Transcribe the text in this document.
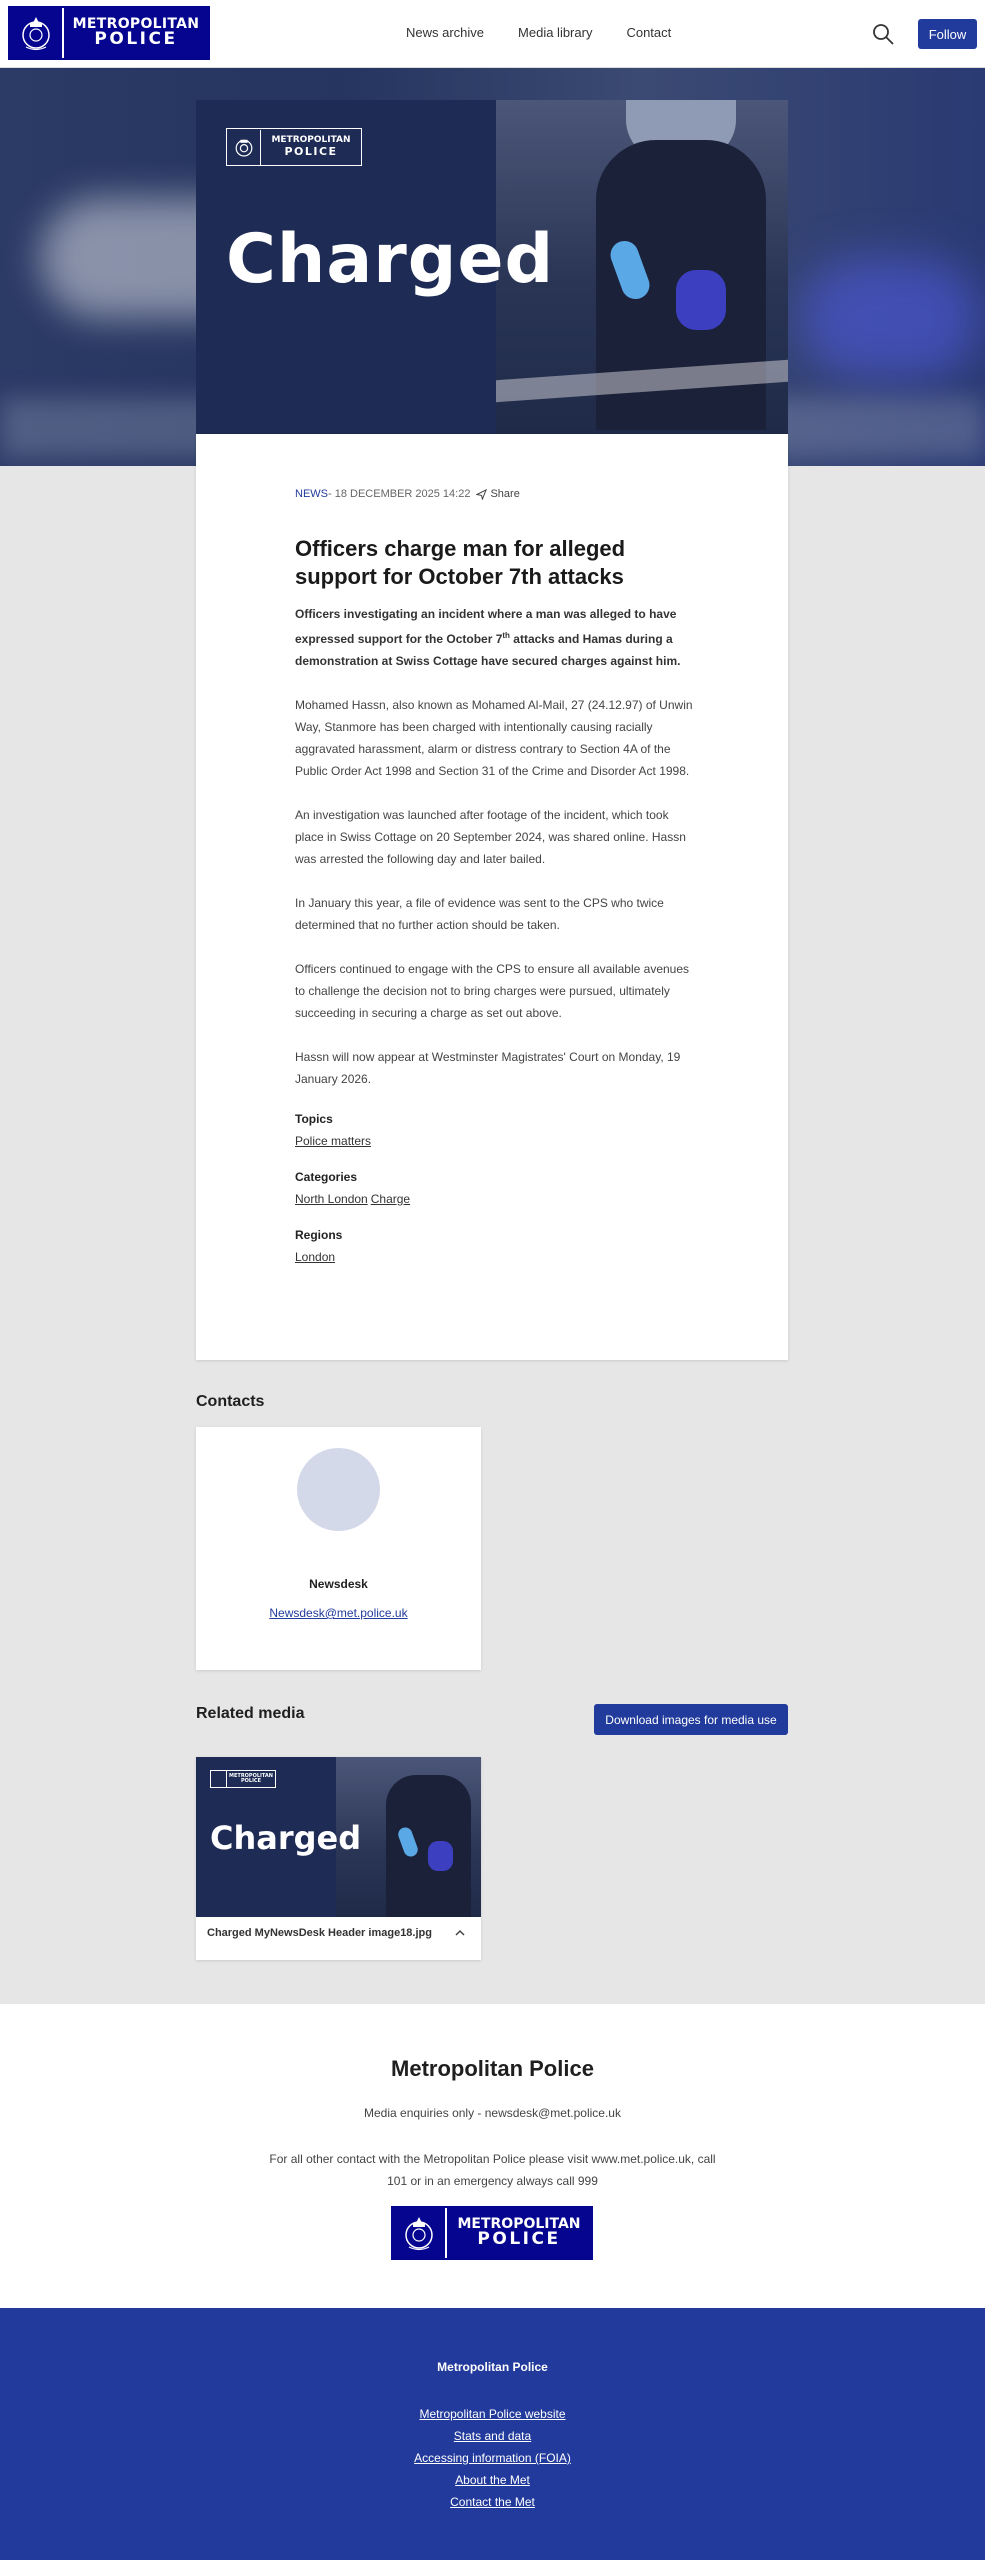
METROPOLITAN
POLICE	News archive	Media library	Contact	Follow
METROPOLITAN
POLICE
Charged
NEWS - 18 DECEMBER 2025 14:22 Share
Officers charge man for alleged support for October 7th attacks

Officers investigating an incident where a man was alleged to have expressed support for the October 7th attacks and Hamas during a demonstration at Swiss Cottage have secured charges against him.

Mohamed Hassn, also known as Mohamed Al-Mail, 27 (24.12.97) of Unwin Way, Stanmore has been charged with intentionally causing racially aggravated harassment, alarm or distress contrary to Section 4A of the Public Order Act 1998 and Section 31 of the Crime and Disorder Act 1998.

An investigation was launched after footage of the incident, which took place in Swiss Cottage on 20 September 2024, was shared online. Hassn was arrested the following day and later bailed.

In January this year, a file of evidence was sent to the CPS who twice determined that no further action should be taken.

Officers continued to engage with the CPS to ensure all available avenues to challenge the decision not to bring charges were pursued, ultimately succeeding in securing a charge as set out above.

Hassn will now appear at Westminster Magistrates' Court on Monday, 19 January 2026.

Topics
Police matters
Categories
North London Charge
Regions
London
Contacts
Newsdesk
Newsdesk@met.police.uk
Related media	Download images for media use
METROPOLITAN
POLICE
Charged
Charged MyNewsDesk Header image18.jpg
Metropolitan Police
Media enquiries only - newsdesk@met.police.uk
For all other contact with the Metropolitan Police please visit www.met.police.uk, call 101 or in an emergency always call 999
METROPOLITAN
POLICE
Metropolitan Police
Metropolitan Police website
Stats and data
Accessing information (FOIA)
About the Met
Contact the Met
